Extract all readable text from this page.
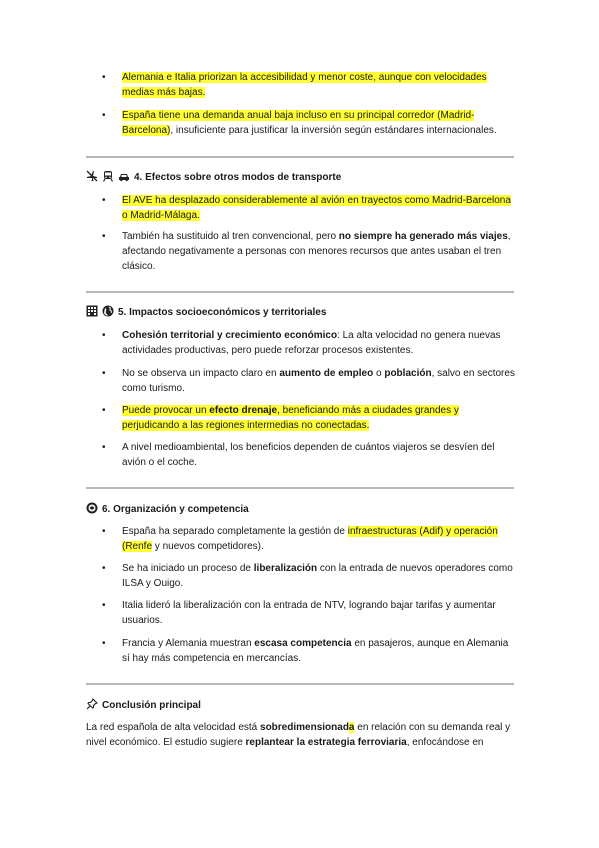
• Alemania e Italia priorizan la accesibilidad y menor coste, aunque con velocidades medias más bajas.
• España tiene una demanda anual baja incluso en su principal corredor (Madrid-Barcelona), insuficiente para justificar la inversión según estándares internacionales.
4. Efectos sobre otros modos de transporte
• El AVE ha desplazado considerablemente al avión en trayectos como Madrid-Barcelona o Madrid-Málaga.
• También ha sustituido al tren convencional, pero no siempre ha generado más viajes, afectando negativamente a personas con menores recursos que antes usaban el tren clásico.
5. Impactos socioeconómicos y territoriales
• Cohesión territorial y crecimiento económico: La alta velocidad no genera nuevas actividades productivas, pero puede reforzar procesos existentes.
• No se observa un impacto claro en aumento de empleo o población, salvo en sectores como turismo.
• Puede provocar un efecto drenaje, beneficiando más a ciudades grandes y perjudicando a las regiones intermedias no conectadas.
• A nivel medioambiental, los beneficios dependen de cuántos viajeros se desvíen del avión o el coche.
6. Organización y competencia
• España ha separado completamente la gestión de infraestructuras (Adif) y operación (Renfe y nuevos competidores).
• Se ha iniciado un proceso de liberalización con la entrada de nuevos operadores como ILSA y Ouigo.
• Italia lideró la liberalización con la entrada de NTV, logrando bajar tarifas y aumentar usuarios.
• Francia y Alemania muestran escasa competencia en pasajeros, aunque en Alemania sí hay más competencia en mercancías.
Conclusión principal
La red española de alta velocidad está sobredimensionada en relación con su demanda real y nivel económico. El estudio sugiere replantear la estrategia ferroviaria, enfocándose en
